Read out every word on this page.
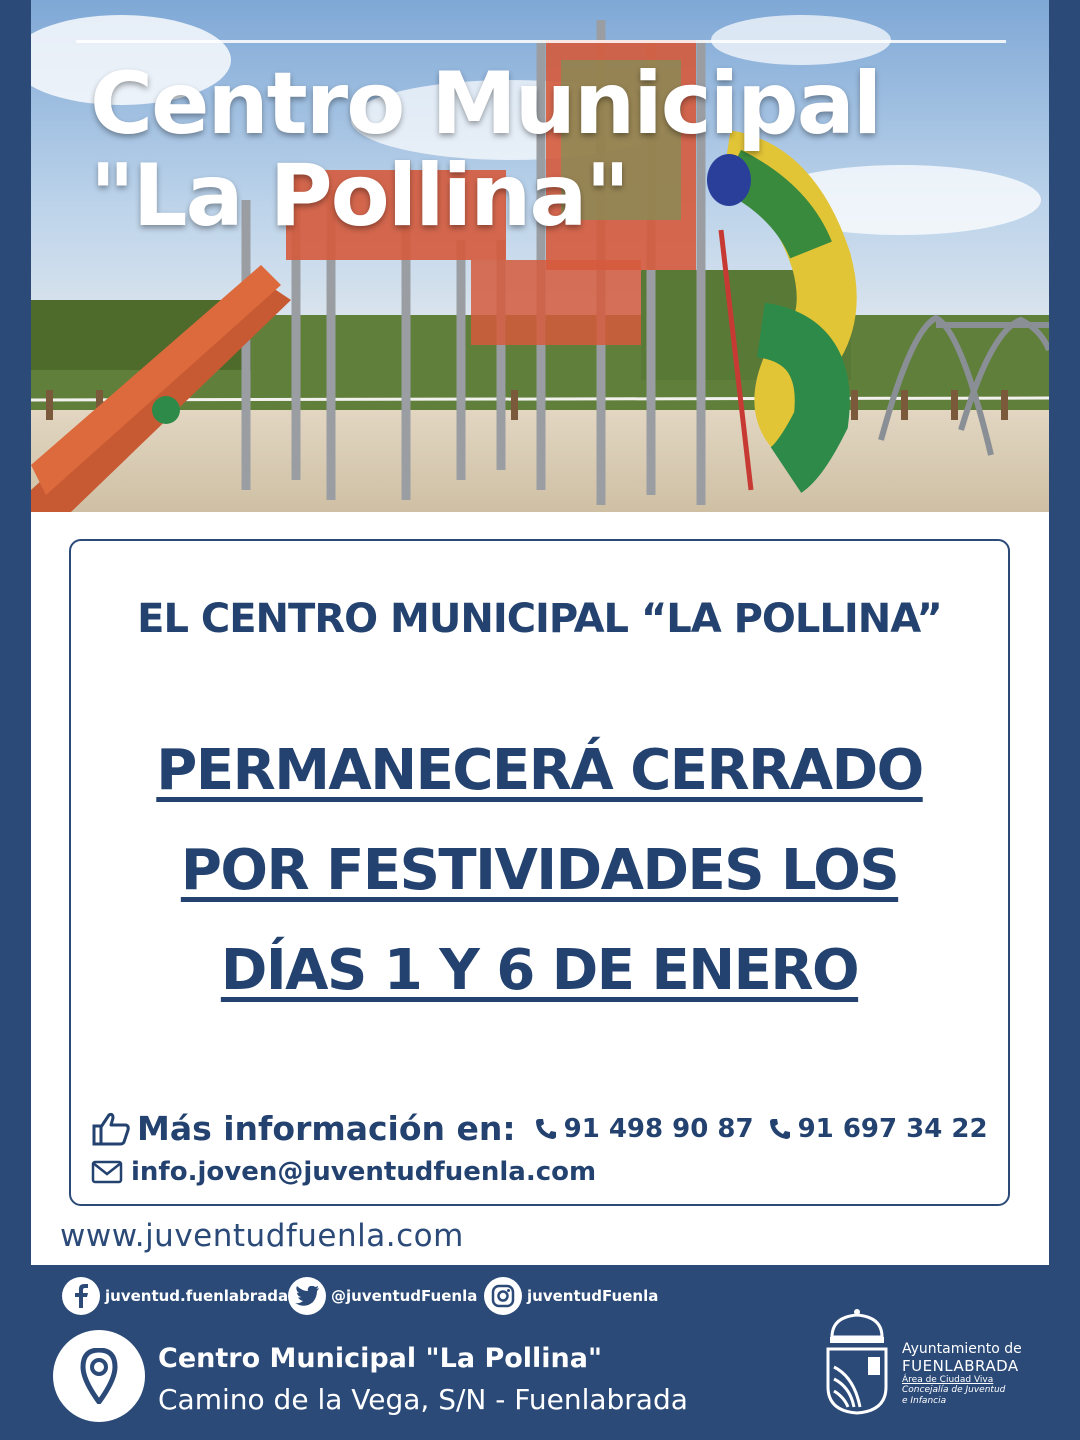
Centro Municipal
"La Pollina"
EL CENTRO MUNICIPAL “LA POLLINA”
PERMANECERÁ CERRADO
POR FESTIVIDADES LOS
DÍAS 1 Y 6 DE ENERO
Más información en: 91 498 90 87 91 697 34 22
info.joven@juventudfuenla.com
www.juventudfuenla.com
juventud.fuenlabrada	@juventudFuenla	juventudFuenla
Centro Municipal "La Pollina"
Camino de la Vega, S/N - Fuenlabrada
Ayuntamiento de
FUENLABRADA
Área de Ciudad Viva
Concejalía de Juventud
e Infancia
